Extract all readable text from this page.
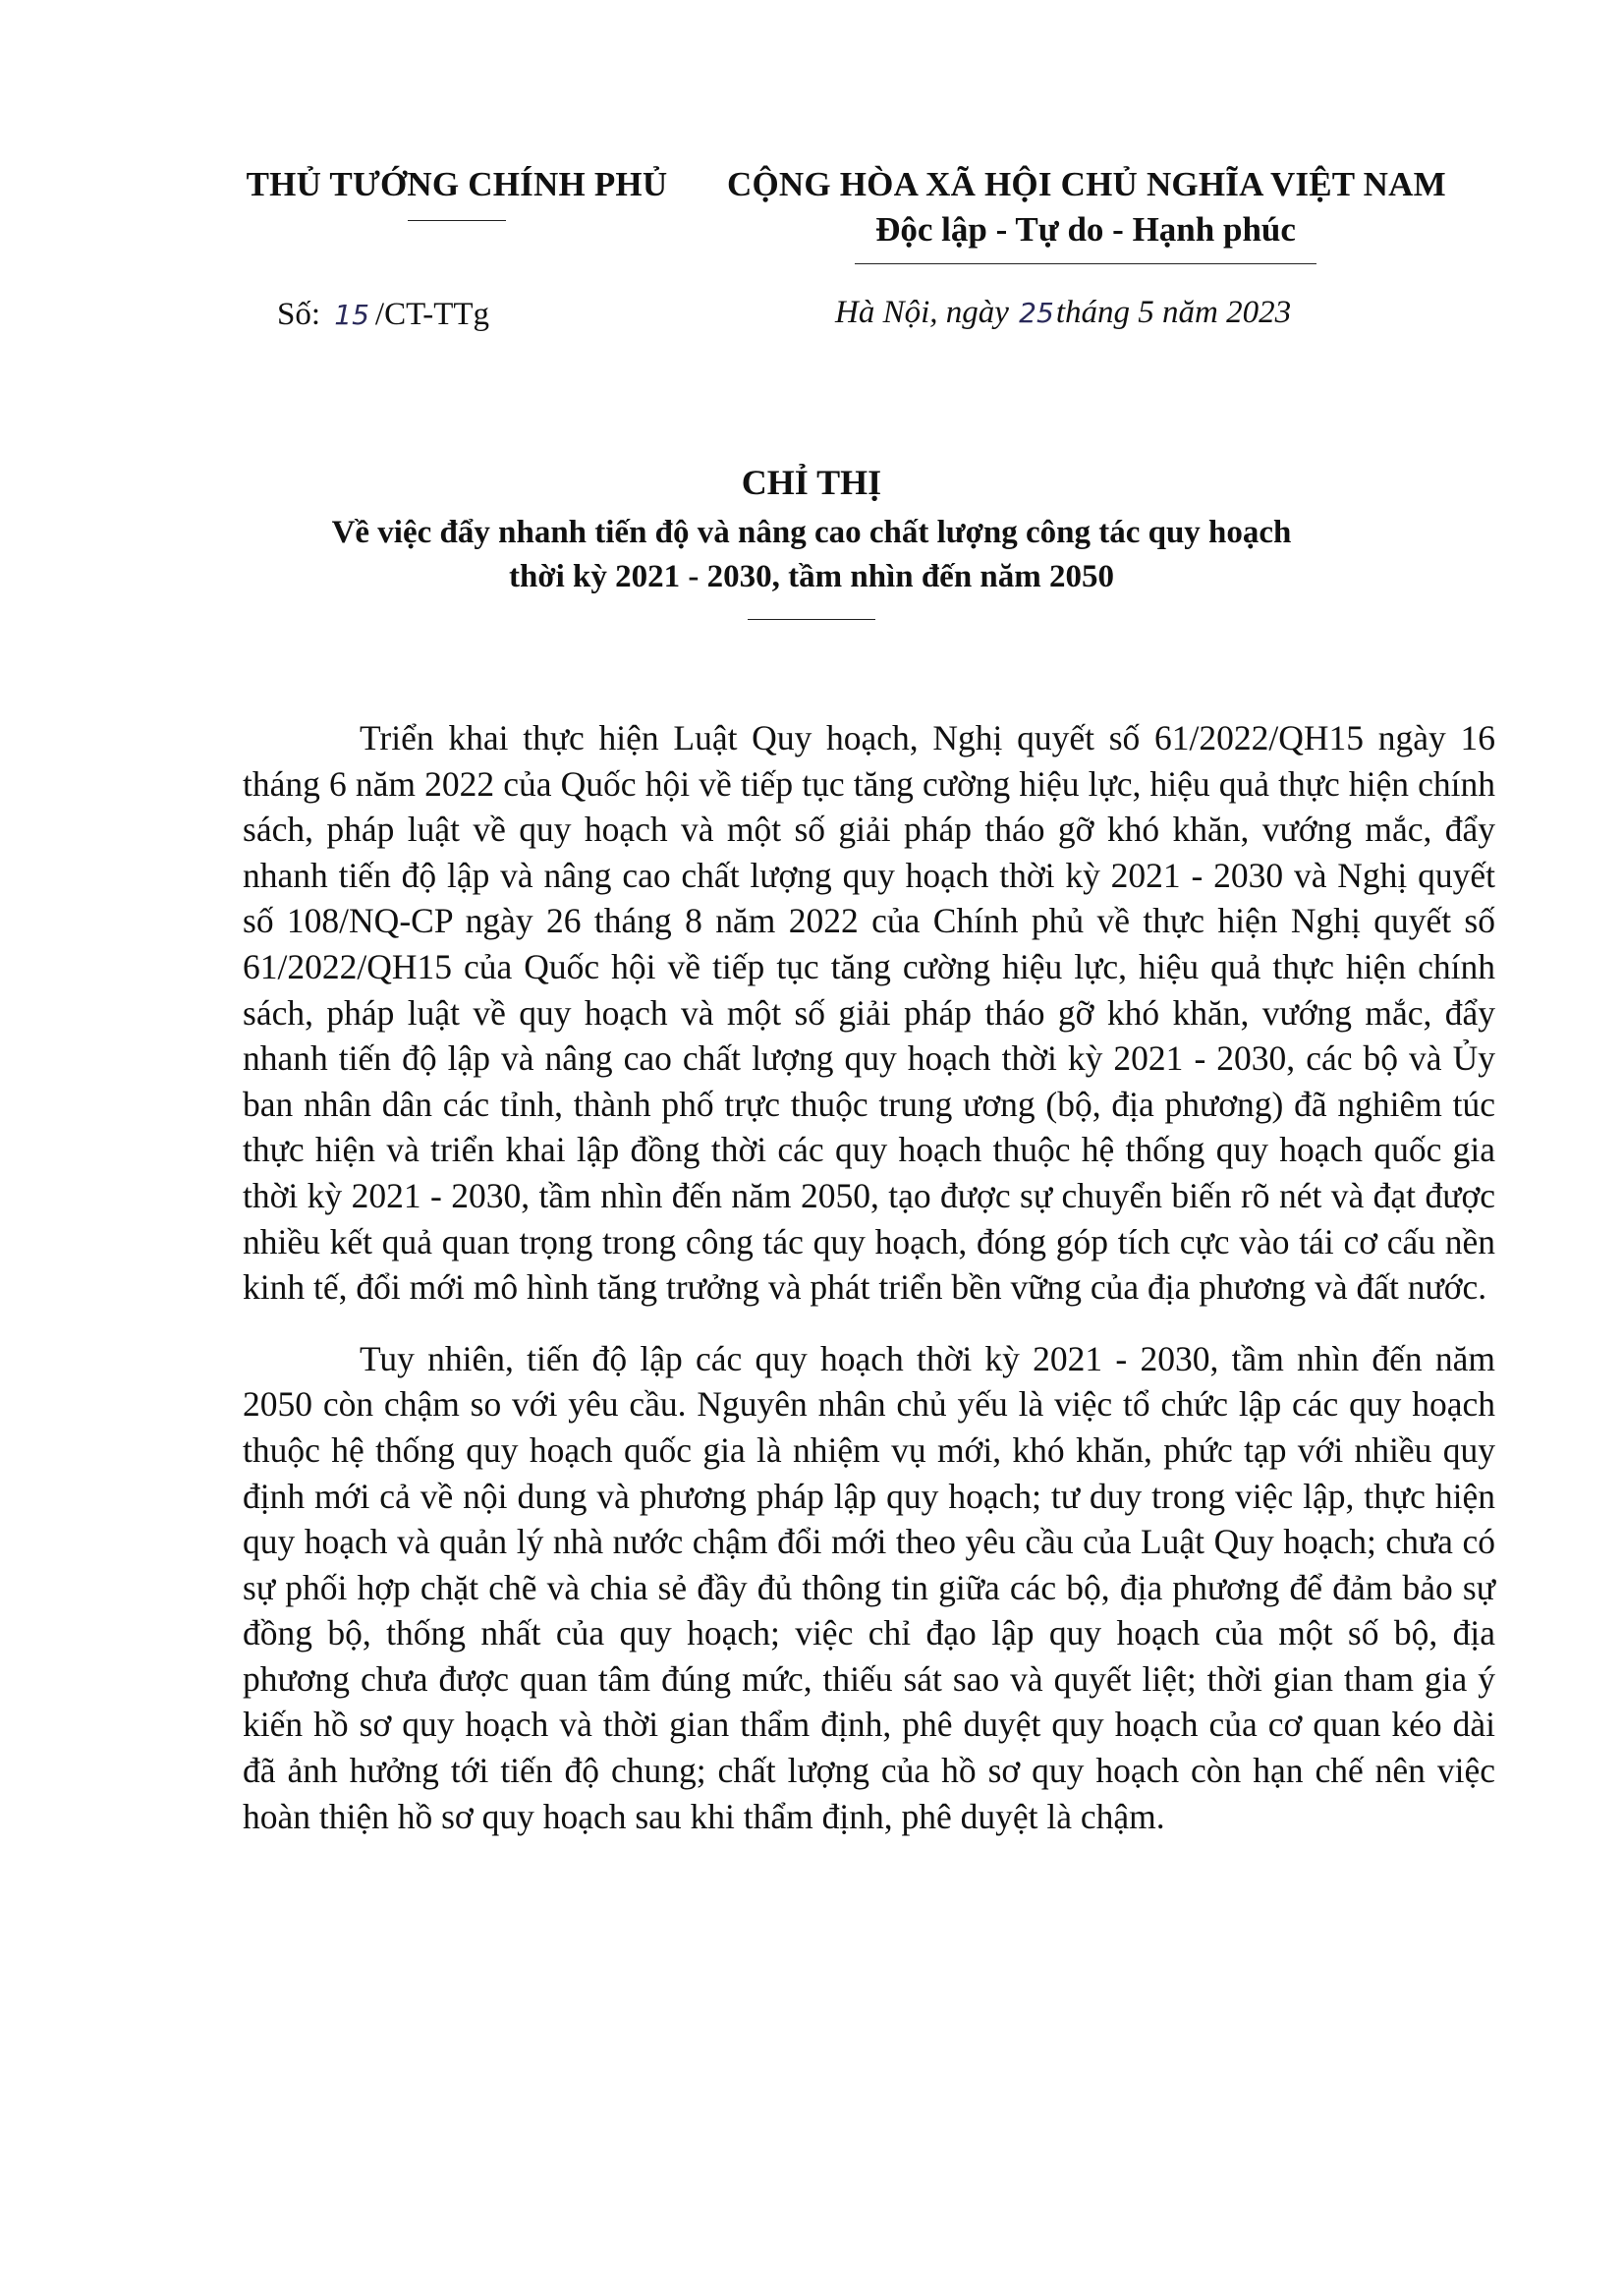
THỦ TƯỚNG CHÍNH PHỦ	CỘNG HÒA XÃ HỘI CHỦ NGHĨA VIỆT NAM
Độc lập - Tự do - Hạnh phúc
Số: 15 /CT-TTg	Hà Nội, ngày 25tháng 5 năm 2023
CHỈ THỊ
Về việc đẩy nhanh tiến độ và nâng cao chất lượng công tác quy hoạch
thời kỳ 2021 - 2030, tầm nhìn đến năm 2050

Triển khai thực hiện Luật Quy hoạch, Nghị quyết số 61/2022/QH15 ngày 16 tháng 6 năm 2022 của Quốc hội về tiếp tục tăng cường hiệu lực, hiệu quả thực hiện chính sách, pháp luật về quy hoạch và một số giải pháp tháo gỡ khó khăn, vướng mắc, đẩy nhanh tiến độ lập và nâng cao chất lượng quy hoạch thời kỳ 2021 - 2030 và Nghị quyết số 108/NQ-CP ngày 26 tháng 8 năm 2022 của Chính phủ về thực hiện Nghị quyết số 61/2022/QH15 của Quốc hội về tiếp tục tăng cường hiệu lực, hiệu quả thực hiện chính sách, pháp luật về quy hoạch và một số giải pháp tháo gỡ khó khăn, vướng mắc, đẩy nhanh tiến độ lập và nâng cao chất lượng quy hoạch thời kỳ 2021 - 2030, các bộ và Ủy ban nhân dân các tỉnh, thành phố trực thuộc trung ương (bộ, địa phương) đã nghiêm túc thực hiện và triển khai lập đồng thời các quy hoạch thuộc hệ thống quy hoạch quốc gia thời kỳ 2021 - 2030, tầm nhìn đến năm 2050, tạo được sự chuyển biến rõ nét và đạt được nhiều kết quả quan trọng trong công tác quy hoạch, đóng góp tích cực vào tái cơ cấu nền kinh tế, đổi mới mô hình tăng trưởng và phát triển bền vững của địa phương và đất nước.

Tuy nhiên, tiến độ lập các quy hoạch thời kỳ 2021 - 2030, tầm nhìn đến năm 2050 còn chậm so với yêu cầu. Nguyên nhân chủ yếu là việc tổ chức lập các quy hoạch thuộc hệ thống quy hoạch quốc gia là nhiệm vụ mới, khó khăn, phức tạp với nhiều quy định mới cả về nội dung và phương pháp lập quy hoạch; tư duy trong việc lập, thực hiện quy hoạch và quản lý nhà nước chậm đổi mới theo yêu cầu của Luật Quy hoạch; chưa có sự phối hợp chặt chẽ và chia sẻ đầy đủ thông tin giữa các bộ, địa phương để đảm bảo sự đồng bộ, thống nhất của quy hoạch; việc chỉ đạo lập quy hoạch của một số bộ, địa phương chưa được quan tâm đúng mức, thiếu sát sao và quyết liệt; thời gian tham gia ý kiến hồ sơ quy hoạch và thời gian thẩm định, phê duyệt quy hoạch của cơ quan kéo dài đã ảnh hưởng tới tiến độ chung; chất lượng của hồ sơ quy hoạch còn hạn chế nên việc hoàn thiện hồ sơ quy hoạch sau khi thẩm định, phê duyệt là chậm.
